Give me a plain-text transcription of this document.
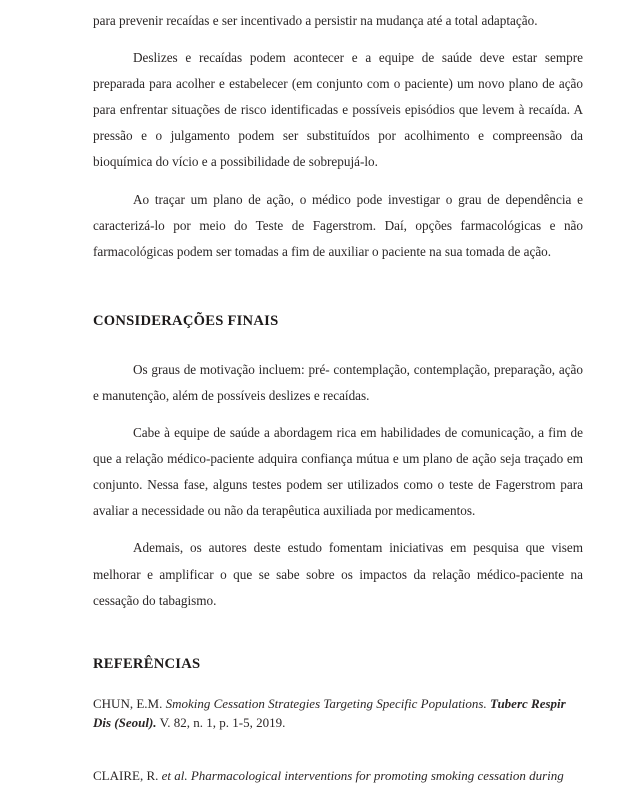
para prevenir recaídas e ser incentivado a persistir na mudança até a total adaptação.

Deslizes e recaídas podem acontecer e a equipe de saúde deve estar sempre preparada para acolher e estabelecer (em conjunto com o paciente) um novo plano de ação para enfrentar situações de risco identificadas e possíveis episódios que levem à recaída. A pressão e o julgamento podem ser substituídos por acolhimento e compreensão da bioquímica do vício e a possibilidade de sobrepujá-lo.

Ao traçar um plano de ação, o médico pode investigar o grau de dependência e caracterizá-lo por meio do Teste de Fagerstrom. Daí, opções farmacológicas e não farmacológicas podem ser tomadas a fim de auxiliar o paciente na sua tomada de ação.

CONSIDERAÇÕES FINAIS

Os graus de motivação incluem: pré- contemplação, contemplação, preparação, ação e manutenção, além de possíveis deslizes e recaídas.

Cabe à equipe de saúde a abordagem rica em habilidades de comunicação, a fim de que a relação médico-paciente adquira confiança mútua e um plano de ação seja traçado em conjunto. Nessa fase, alguns testes podem ser utilizados como o teste de Fagerstrom para avaliar a necessidade ou não da terapêutica auxiliada por medicamentos.

Ademais, os autores deste estudo fomentam iniciativas em pesquisa que visem melhorar e amplificar o que se sabe sobre os impactos da relação médico-paciente na cessação do tabagismo.

REFERÊNCIAS

CHUN, E.M. Smoking Cessation Strategies Targeting Specific Populations. Tuberc Respir Dis (Seoul). V. 82, n. 1, p. 1-5, 2019.

CLAIRE, R. et al. Pharmacological interventions for promoting smoking cessation during
